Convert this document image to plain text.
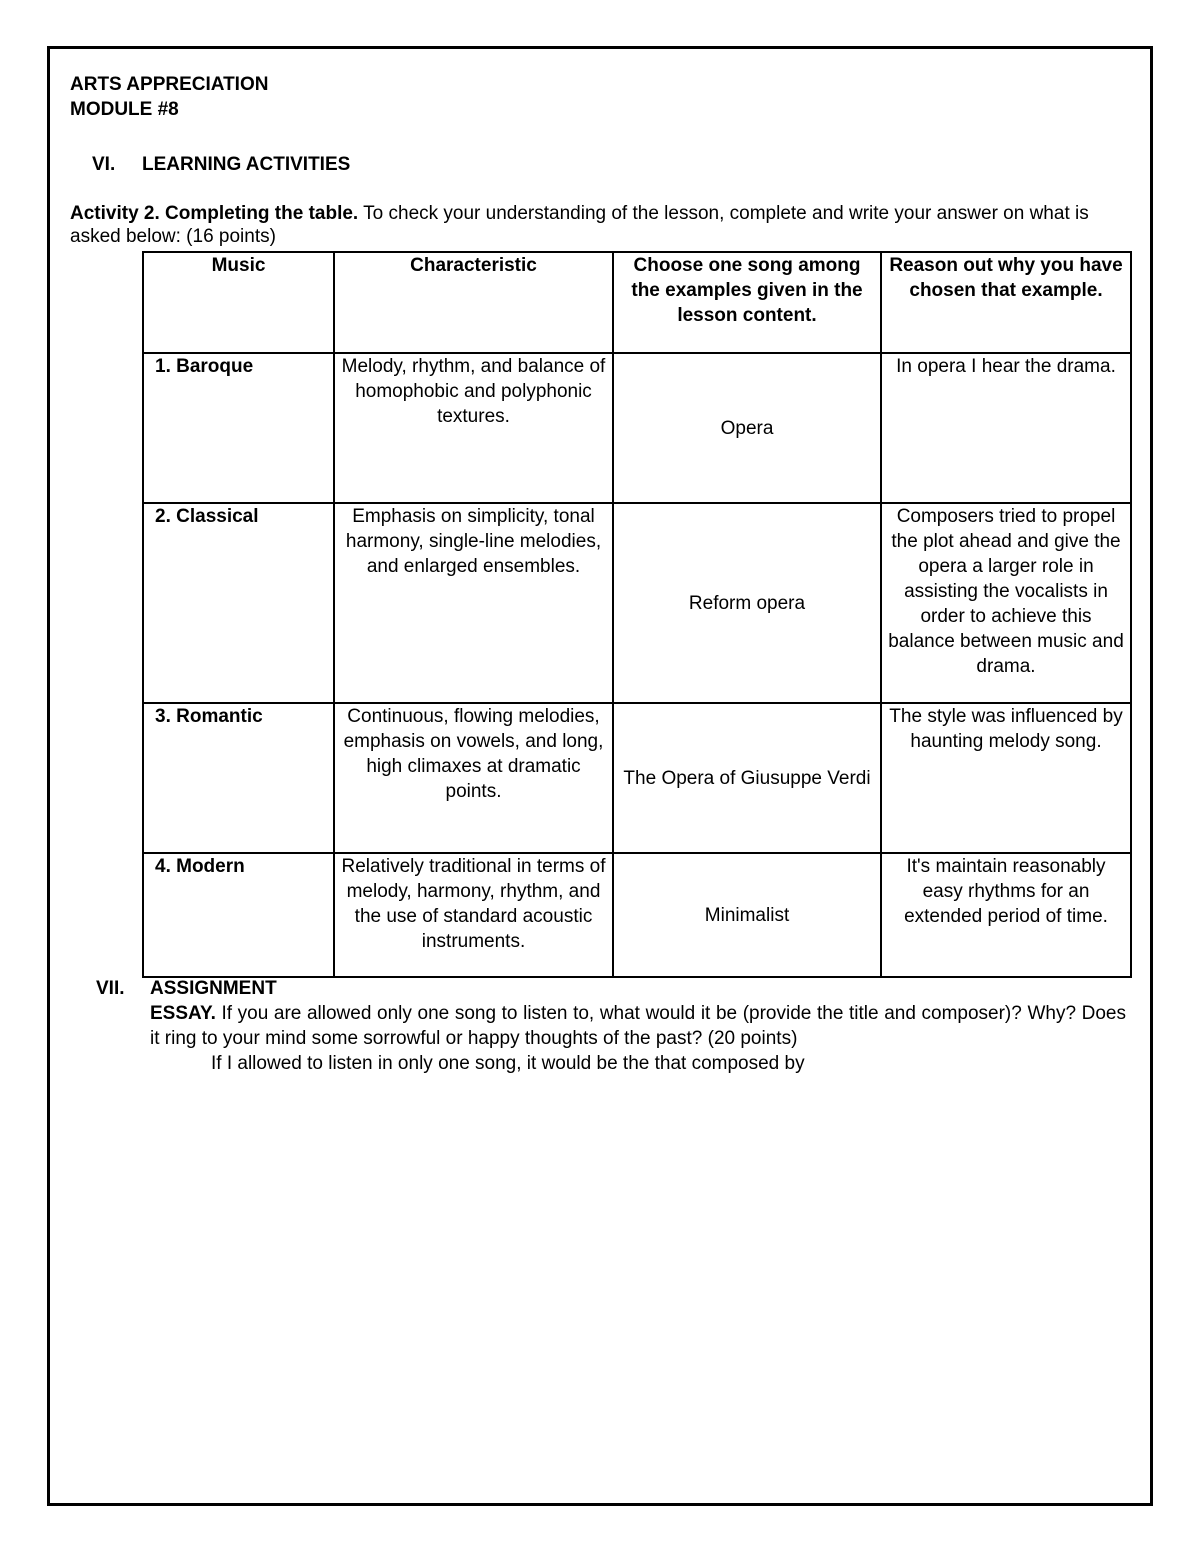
ARTS APPRECIATION
MODULE #8
VI. LEARNING ACTIVITIES
Activity 2. Completing the table. To check your understanding of the lesson, complete and write your answer on what is asked below: (16 points)
Music	Characteristic	Choose one song among the examples given in the lesson content.	Reason out why you have chosen that example.
1. Baroque	Melody, rhythm, and balance of homophobic and polyphonic textures.	Opera	In opera I hear the drama.
2. Classical	Emphasis on simplicity, tonal harmony, single-line melodies, and enlarged ensembles.	Reform opera	Composers tried to propel the plot ahead and give the opera a larger role in assisting the vocalists in order to achieve this balance between music and drama.
3. Romantic	Continuous, flowing melodies, emphasis on vowels, and long, high climaxes at dramatic points.	The Opera of Giusuppe Verdi	The style was influenced by haunting melody song.
4. Modern	Relatively traditional in terms of melody, harmony, rhythm, and the use of standard acoustic instruments.	Minimalist	It's maintain reasonably easy rhythms for an extended period of time.
VII. ASSIGNMENT
ESSAY. If you are allowed only one song to listen to, what would it be (provide the title and composer)? Why? Does it ring to your mind some sorrowful or happy thoughts of the past? (20 points)
If I allowed to listen in only one song, it would be the that composed by
